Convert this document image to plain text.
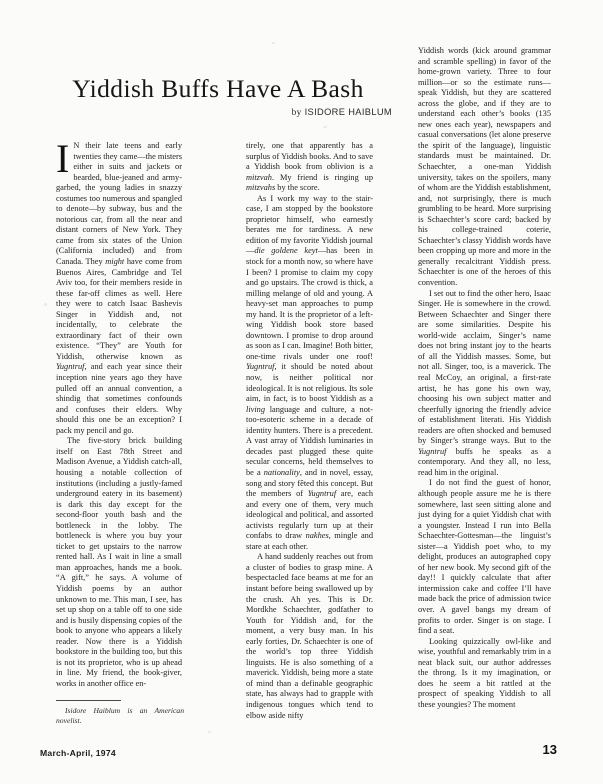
Yiddish Buffs Have A Bash
by ISIDORE HAIBLUM

I N their late teens and early twenties they came—the misters either in suits and jackets or bearded, blue-jeaned and army-garbed, the young ladies in snazzy costumes too numerous and spangled to denote—by subway, bus and the notorious car, from all the near and distant corners of New York. They came from six states of the Union (California included) and from Canada. They might have come from Buenos Aires, Cambridge and Tel Aviv too, for their members reside in these far-off climes as well. Here they were to catch Isaac Bashevis Singer in Yiddish and, not incidentally, to celebrate the extraordinary fact of their own existence. “They” are Youth for Yiddish, otherwise known as Yugntruf, and each year since their inception nine years ago they have pulled off an annual convention, a shindig that sometimes confounds and confuses their elders. Why should this one be an exception? I pack my pencil and go.

The five-story brick building itself on East 78th Street and Madison Avenue, a Yiddish catch-all, housing a notable collection of institutions (including a justly-famed underground eatery in its basement) is dark this day except for the second-floor youth bash and the bottleneck in the lobby. The bottleneck is where you buy your ticket to get upstairs to the narrow rented hall. As I wait in line a small man approaches, hands me a book. “A gift,” he says. A volume of Yiddish poems by an author unknown to me. This man, I see, has set up shop on a table off to one side and is busily dispensing copies of the book to anyone who appears a likely reader. Now there is a Yiddish bookstore in the building too, but this is not its proprietor, who is up ahead in line. My friend, the book-giver, works in another office en-

tirely, one that apparently has a surplus of Yiddish books. And to save a Yiddish book from oblivion is a mitzvah. My friend is ringing up mitzvahs by the score.

As I work my way to the stair-case, I am stopped by the bookstore proprietor himself, who earnestly berates me for tardiness. A new edition of my favorite Yiddish journal—die goldene keyt—has been in stock for a month now, so where have I been? I promise to claim my copy and go upstairs. The crowd is thick, a milling melange of old and young. A heavy-set man approaches to pump my hand. It is the proprietor of a left-wing Yiddish book store based downtown. I promise to drop around as soon as I can. Imagine! Both bitter, one-time rivals under one roof! Yugntruf, it should be noted about now, is neither political nor ideological. It is not religious. Its sole aim, in fact, is to boost Yiddish as a living language and culture, a not-too-esoteric scheme in a decade of identity hunters. There is a precedent. A vast array of Yiddish luminaries in decades past plugged these quite secular concerns, held themselves to be a nationality, and in novel, essay, song and story fêted this concept. But the members of Yugntruf are, each and every one of them, very much ideological and political, and assorted activists regularly turn up at their confabs to draw nakhes, mingle and stare at each other.

A hand suddenly reaches out from a cluster of bodies to grasp mine. A bespectacled face beams at me for an instant before being swallowed up by the crush. Ah yes. This is Dr. Mordkhe Schaechter, godfather to Youth for Yiddish and, for the moment, a very busy man. In his early forties, Dr. Schaechter is one of the world’s top three Yiddish linguists. He is also something of a maverick. Yiddish, being more a state of mind than a definable geographic state, has always had to grapple with indigenous tongues which tend to elbow aside nifty

Yiddish words (kick around grammar and scramble spelling) in favor of the home-grown variety. Three to four million—or so the estimate runs—speak Yiddish, but they are scattered across the globe, and if they are to understand each other’s books (135 new ones each year), newspapers and casual conversations (let alone preserve the spirit of the language), linguistic standards must be maintained. Dr. Schaechter, a one-man Yiddish university, takes on the spoilers, many of whom are the Yiddish establishment, and, not surprisingly, there is much grumbling to be heard. More surprising is Schaechter’s score card; backed by his college-trained coterie, Schaechter’s classy Yiddish words have been cropping up more and more in the generally recalcitrant Yiddish press. Schaechter is one of the heroes of this convention.

I set out to find the other hero, Isaac Singer. He is somewhere in the crowd. Between Schaechter and Singer there are some similarities. Despite his world-wide acclaim, Singer’s name does not bring instant joy to the hearts of all the Yiddish masses. Some, but not all. Singer, too, is a maverick. The real McCoy, an original, a first-rate artist, he has gone his own way, choosing his own subject matter and cheerfully ignoring the friendly advice of establishment literati. His Yiddish readers are often shocked and bemused by Singer’s strange ways. But to the Yugntruf buffs he speaks as a contemporary. And they all, no less, read him in the original.

I do not find the guest of honor, although people assure me he is there somewhere, last seen sitting alone and just dying for a quiet Yiddish chat with a youngster. Instead I run into Bella Schaechter-Gottesman—the linguist’s sister—a Yiddish poet who, to my delight, produces an autographed copy of her new book. My second gift of the day!! I quickly calculate that after intermission cake and coffee I’ll have made back the price of admission twice over. A gavel bangs my dream of profits to order. Singer is on stage. I find a seat.

Looking quizzically owl-like and wise, youthful and remarkably trim in a neat black suit, our author addresses the throng. Is it my imagination, or does he seem a bit rattled at the prospect of speaking Yiddish to all these youngies? The moment

Isidore Haiblum is an American novelist.
March-April, 1974	13
